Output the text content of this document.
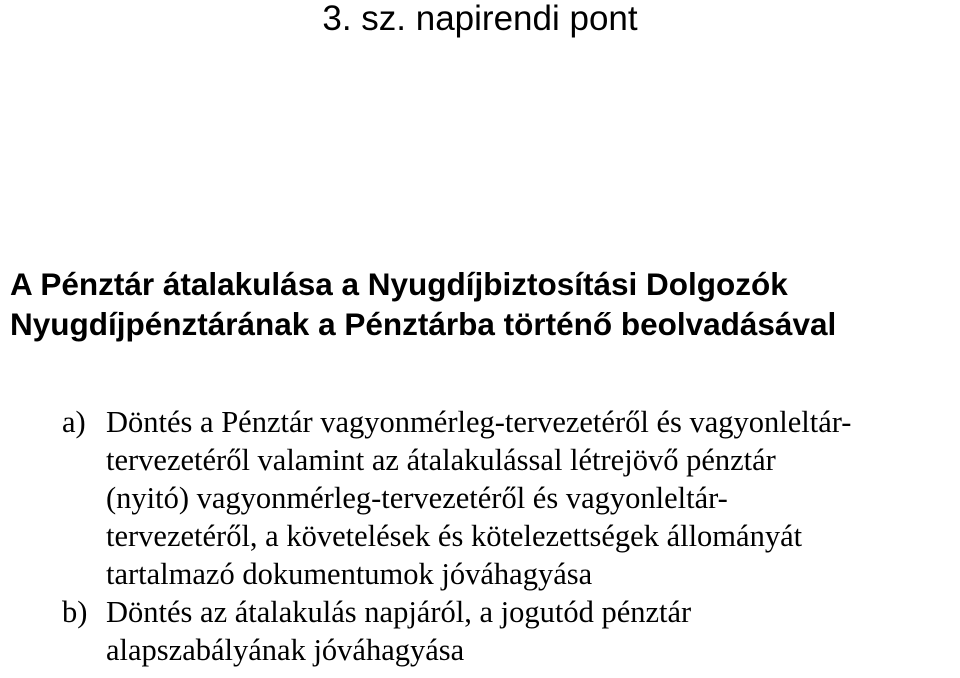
3. sz. napirendi pont
A Pénztár átalakulása a Nyugdíjbiztosítási Dolgozók
Nyugdíjpénztárának a Pénztárba történő beolvadásával
a) Döntés a Pénztár vagyonmérleg-tervezetéről és vagyonleltár-
tervezetéről valamint az átalakulással létrejövő pénztár
(nyitó) vagyonmérleg-tervezetéről és vagyonleltár-
tervezetéről, a követelések és kötelezettségek állományát
tartalmazó dokumentumok jóváhagyása
b) Döntés az átalakulás napjáról, a jogutód pénztár
alapszabályának jóváhagyása
